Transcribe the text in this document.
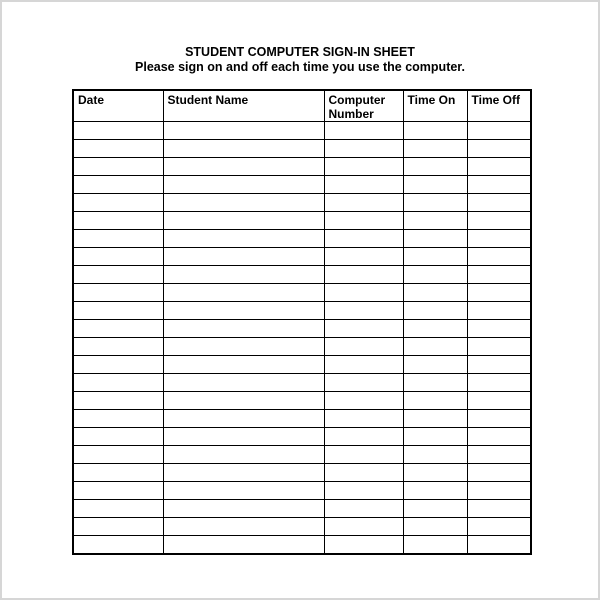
STUDENT COMPUTER SIGN-IN SHEET
Please sign on and off each time you use the computer.
Date	Student Name	Computer Number	Time On	Time Off
